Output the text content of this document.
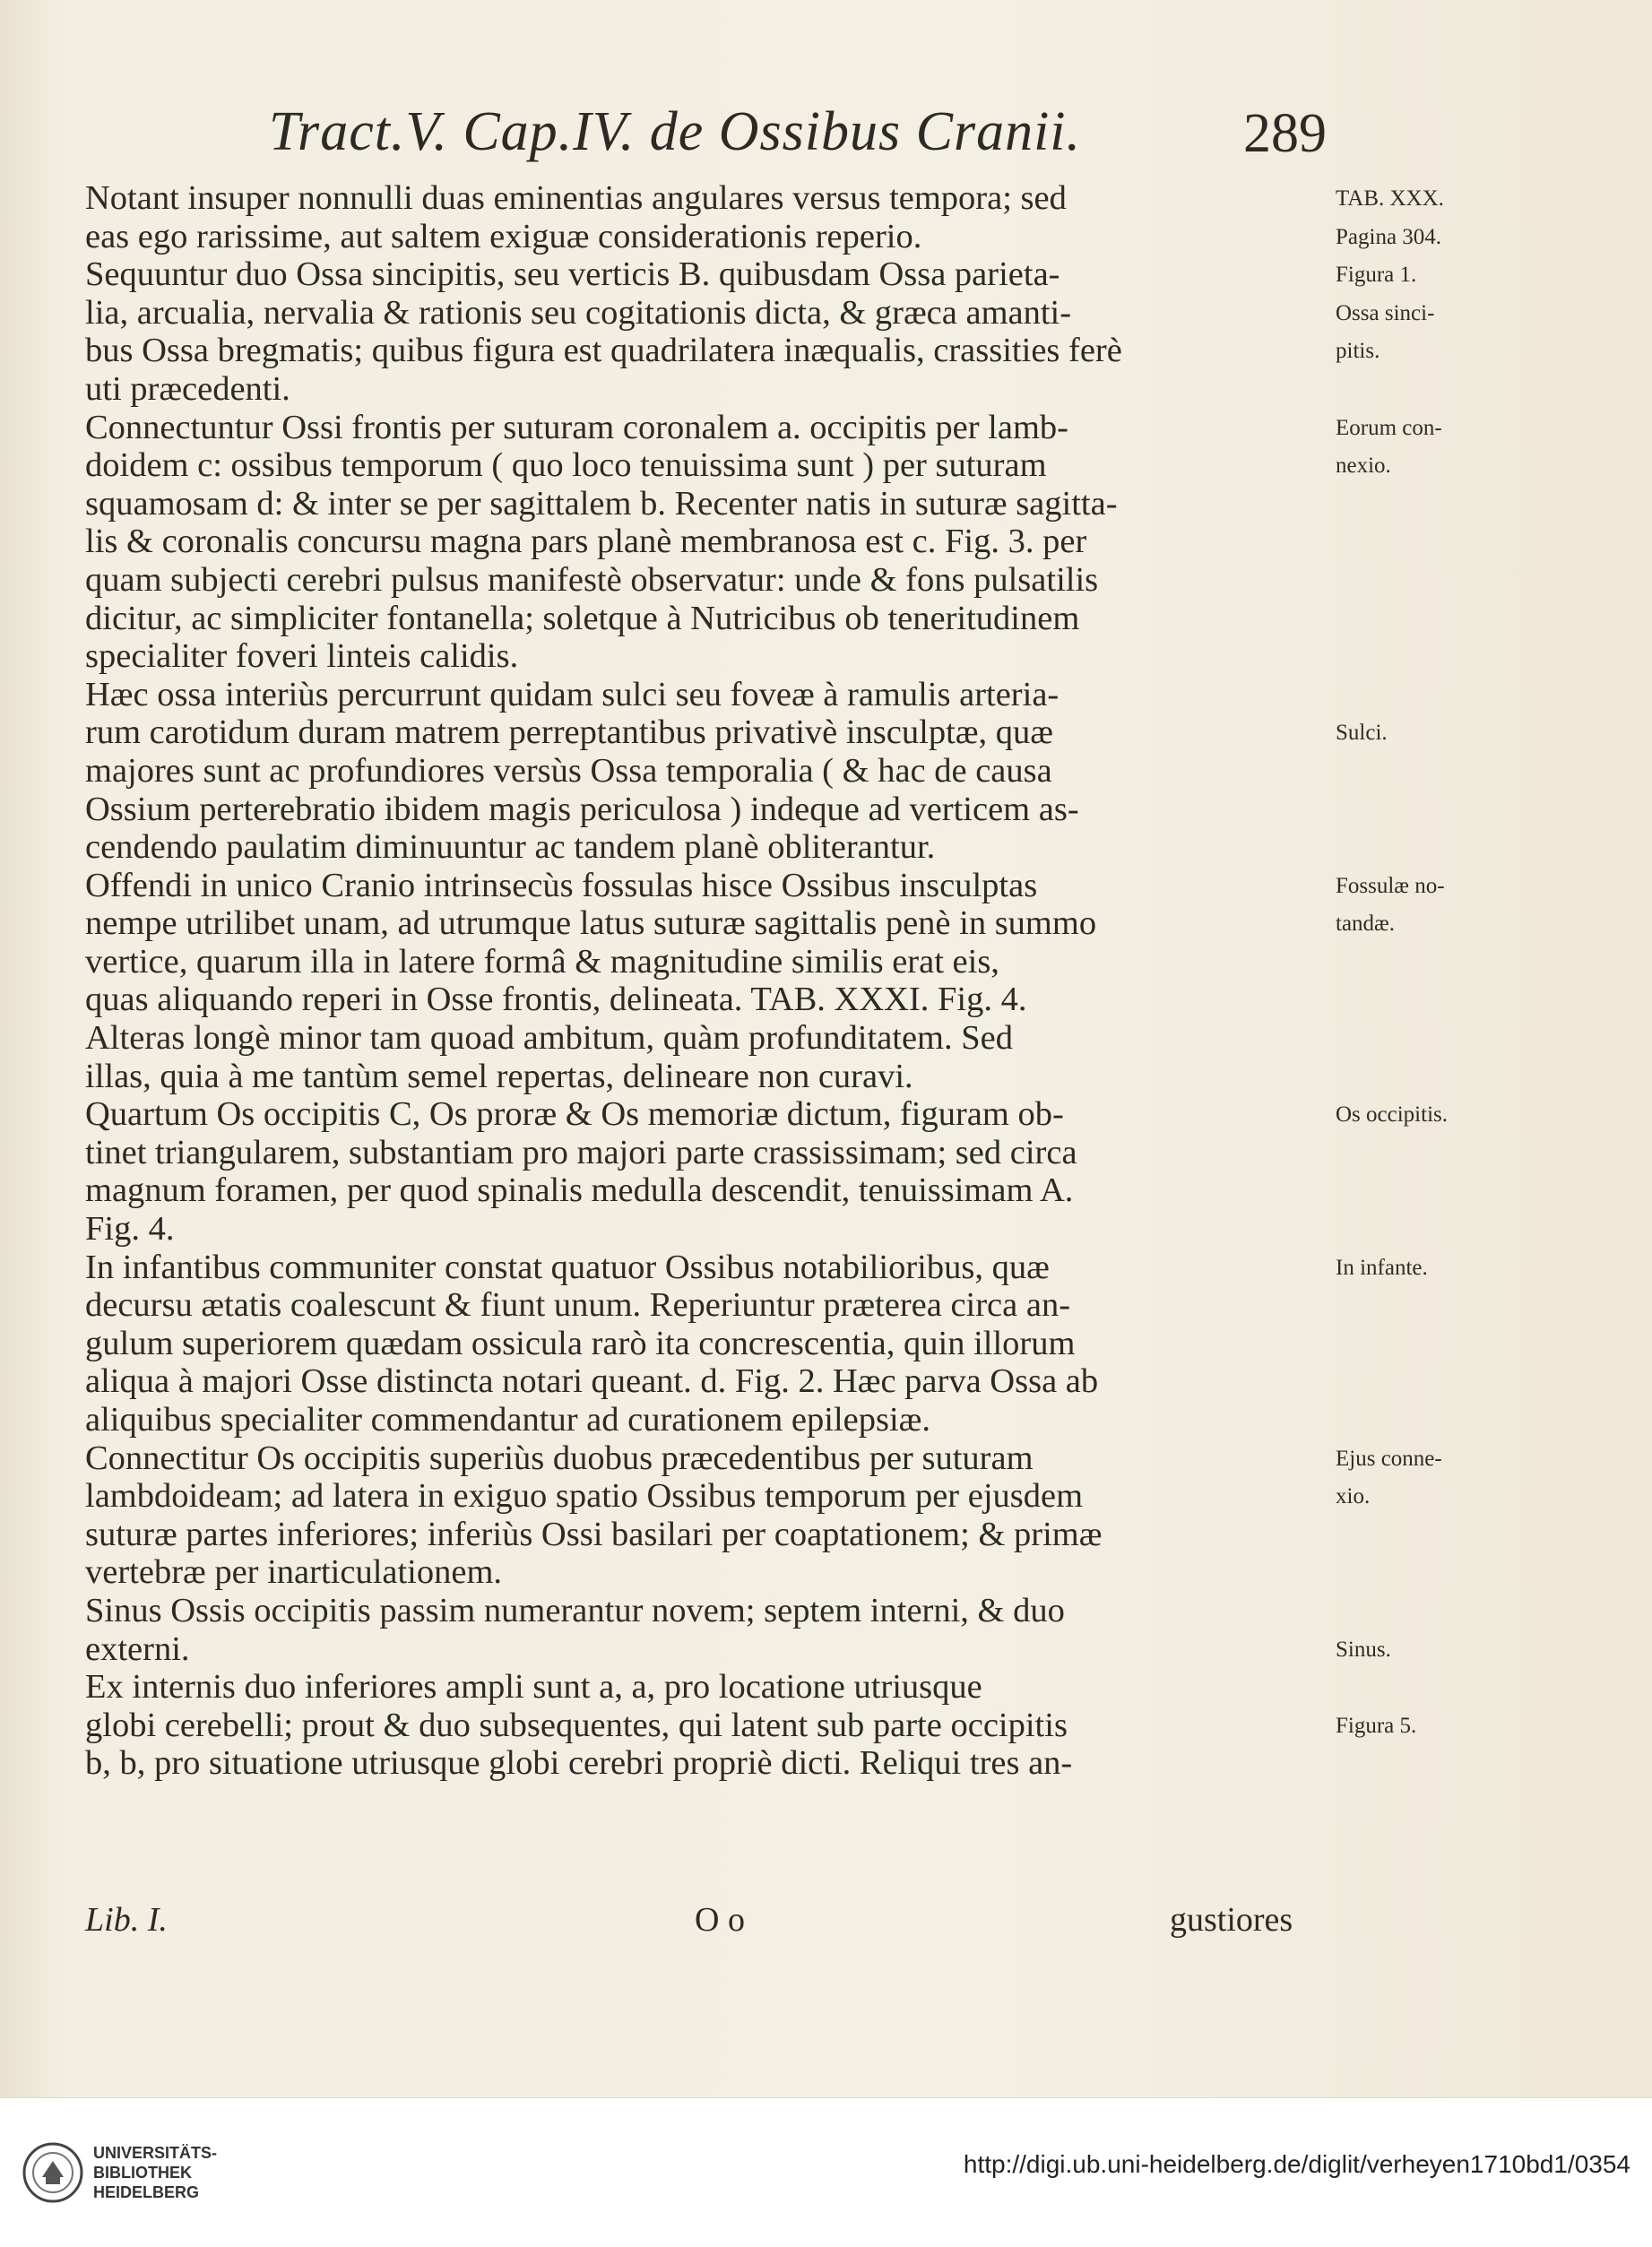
Tract.V. Cap.IV. de Ossibus Cranii.	289
Notant insuper nonnulli duas eminentias angulares versus tempora; sed
eas ego rarissime, aut saltem exiguæ considerationis reperio.
Sequuntur duo Ossa sincipitis, seu verticis B. quibusdam Ossa parieta-
lia, arcualia, nervalia & rationis seu cogitationis dicta, & græca amanti-
bus Ossa bregmatis; quibus figura est quadrilatera inæqualis, crassities ferè
uti præcedenti.
Connectuntur Ossi frontis per suturam coronalem a. occipitis per lamb-
doidem c: ossibus temporum ( quo loco tenuissima sunt ) per suturam
squamosam d: & inter se per sagittalem b. Recenter natis in suturæ sagitta-
lis & coronalis concursu magna pars planè membranosa est c. Fig. 3. per
quam subjecti cerebri pulsus manifestè observatur: unde & fons pulsatilis
dicitur, ac simpliciter fontanella; soletque à Nutricibus ob teneritudinem
specialiter foveri linteis calidis.
Hæc ossa interiùs percurrunt quidam sulci seu foveæ à ramulis arteria-
rum carotidum duram matrem perreptantibus privativè insculptæ, quæ
majores sunt ac profundiores versùs Ossa temporalia ( & hac de causa
Ossium perterebratio ibidem magis periculosa ) indeque ad verticem as-
cendendo paulatim diminuuntur ac tandem planè obliterantur.
Offendi in unico Cranio intrinsecùs fossulas hisce Ossibus insculptas
nempe utrilibet unam, ad utrumque latus suturæ sagittalis penè in summo
vertice, quarum illa in latere formâ & magnitudine similis erat eis,
quas aliquando reperi in Osse frontis, delineata. TAB. XXXI. Fig. 4.
Alteras longè minor tam quoad ambitum, quàm profunditatem. Sed
illas, quia à me tantùm semel repertas, delineare non curavi.
Quartum Os occipitis C, Os proræ & Os memoriæ dictum, figuram ob-
tinet triangularem, substantiam pro majori parte crassissimam; sed circa
magnum foramen, per quod spinalis medulla descendit, tenuissimam A.
Fig. 4.
In infantibus communiter constat quatuor Ossibus notabilioribus, quæ
decursu ætatis coalescunt & fiunt unum. Reperiuntur præterea circa an-
gulum superiorem quædam ossicula rarò ita concrescentia, quin illorum
aliqua à majori Osse distincta notari queant. d. Fig. 2. Hæc parva Ossa ab
aliquibus specialiter commendantur ad curationem epilepsiæ.
Connectitur Os occipitis superiùs duobus præcedentibus per suturam
lambdoideam; ad latera in exiguo spatio Ossibus temporum per ejusdem
suturæ partes inferiores; inferiùs Ossi basilari per coaptationem; & primæ
vertebræ per inarticulationem.
Sinus Ossis occipitis passim numerantur novem; septem interni, & duo
externi.
Ex internis duo inferiores ampli sunt a, a, pro locatione utriusque
globi cerebelli; prout & duo subsequentes, qui latent sub parte occipitis
b, b, pro situatione utriusque globi cerebri propriè dicti. Reliqui tres an-
TAB. XXX.
Pagina 304.
Figura 1.
Ossa sinci-
pitis.
Eorum con-
nexio.
Sulci.
Fossulæ no-
tandæ.
Os occipitis.
In infante.
Ejus conne-
xio.
Sinus.
Figura 5.
Lib. I.	O o	gustiores
UNIVERSITÄTS-
BIBLIOTHEK
HEIDELBERG
http://digi.ub.uni-heidelberg.de/diglit/verheyen1710bd1/0354
